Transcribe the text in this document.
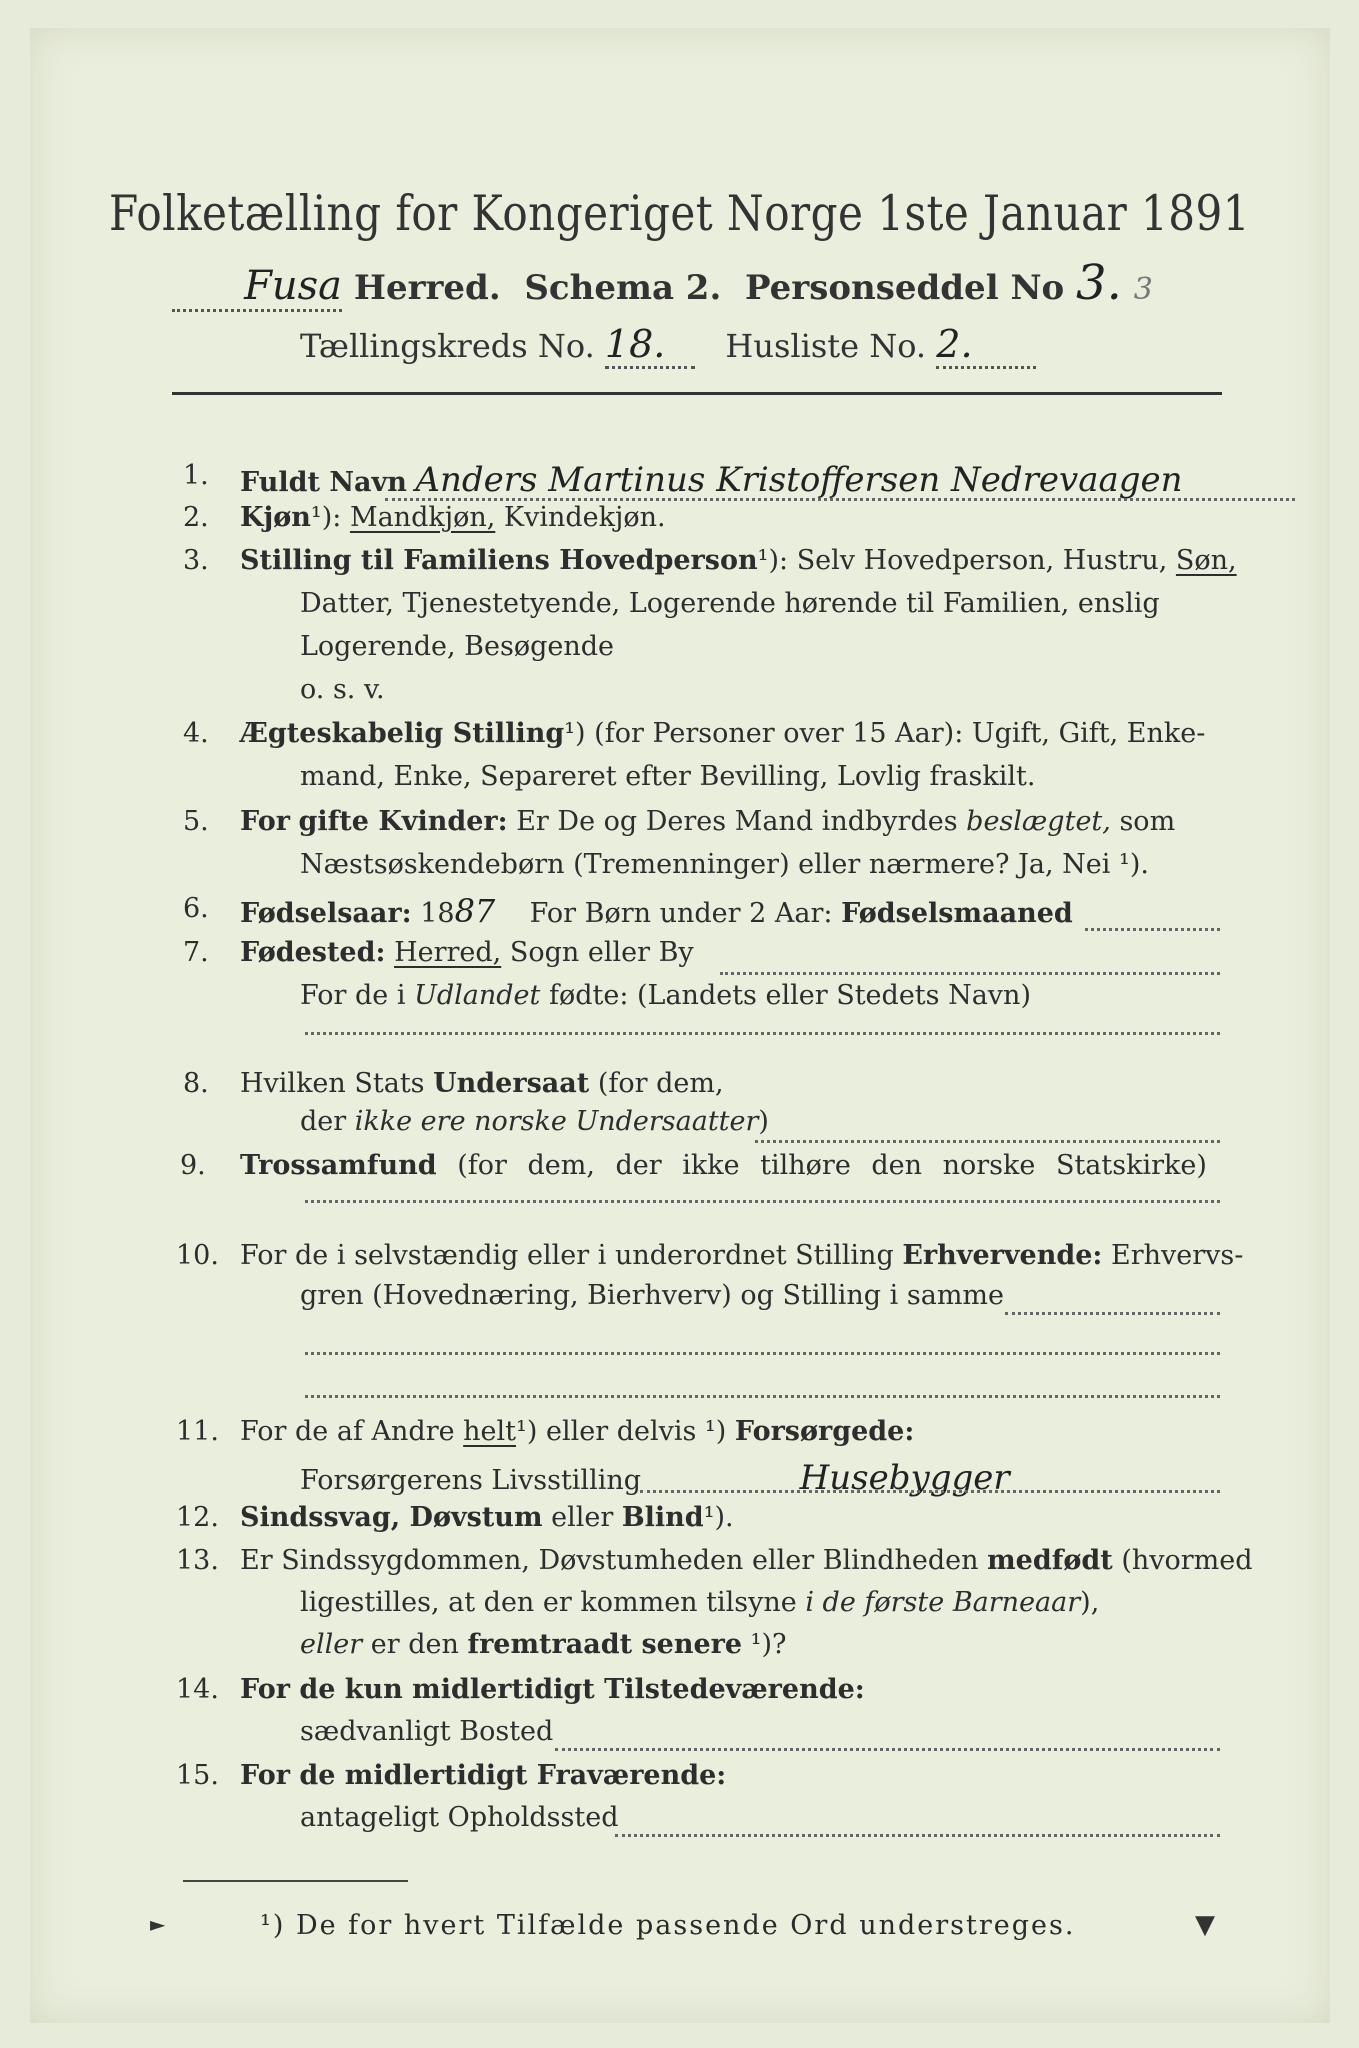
Folketælling for Kongeriget Norge 1ste Januar 1891
Fusa Herred. Schema 2. Personseddel No 3. 3
Tællingskreds No. 18. Husliste No. 2.
1. Fuldt Navn Anders Martinus Kristoffersen Nedrevaagen
2. Kjøn¹): Mandkjøn, Kvindekjøn.
3. Stilling til Familiens Hovedperson¹): Selv Hovedperson, Hustru, Søn,
Datter, Tjenestetyende, Logerende hørende til Familien, enslig
Logerende, Besøgende
o. s. v.
4. Ægteskabelig Stilling¹) (for Personer over 15 Aar): Ugift, Gift, Enke-
mand, Enke, Separeret efter Bevilling, Lovlig fraskilt.
5. For gifte Kvinder: Er De og Deres Mand indbyrdes beslægtet, som
Næstsøskendebørn (Tremenninger) eller nærmere? Ja, Nei ¹).
6. Fødselsaar: 1887 For Børn under 2 Aar: Fødselsmaaned
7. Fødested: Herred, Sogn eller By
For de i Udlandet fødte: (Landets eller Stedets Navn)
8. Hvilken Stats Undersaat (for dem,
der ikke ere norske Undersaatter)
9. Trossamfund (for dem, der ikke tilhøre den norske Statskirke)
10. For de i selvstændig eller i underordnet Stilling Erhvervende: Erhvervs-
gren (Hovednæring, Bierhverv) og Stilling i samme
11. For de af Andre helt¹) eller delvis ¹) Forsørgede:
Forsørgerens Livsstilling	Husebygger
12. Sindssvag, Døvstum eller Blind¹).
13. Er Sindssygdommen, Døvstumheden eller Blindheden medfødt (hvormed
ligestilles, at den er kommen tilsyne i de første Barneaar),
eller er den fremtraadt senere ¹)?
14. For de kun midlertidigt Tilstedeværende:
sædvanligt Bosted
15. For de midlertidigt Fraværende:
antageligt Opholdssted
¹) De for hvert Tilfælde passende Ord understreges.	▼
►
